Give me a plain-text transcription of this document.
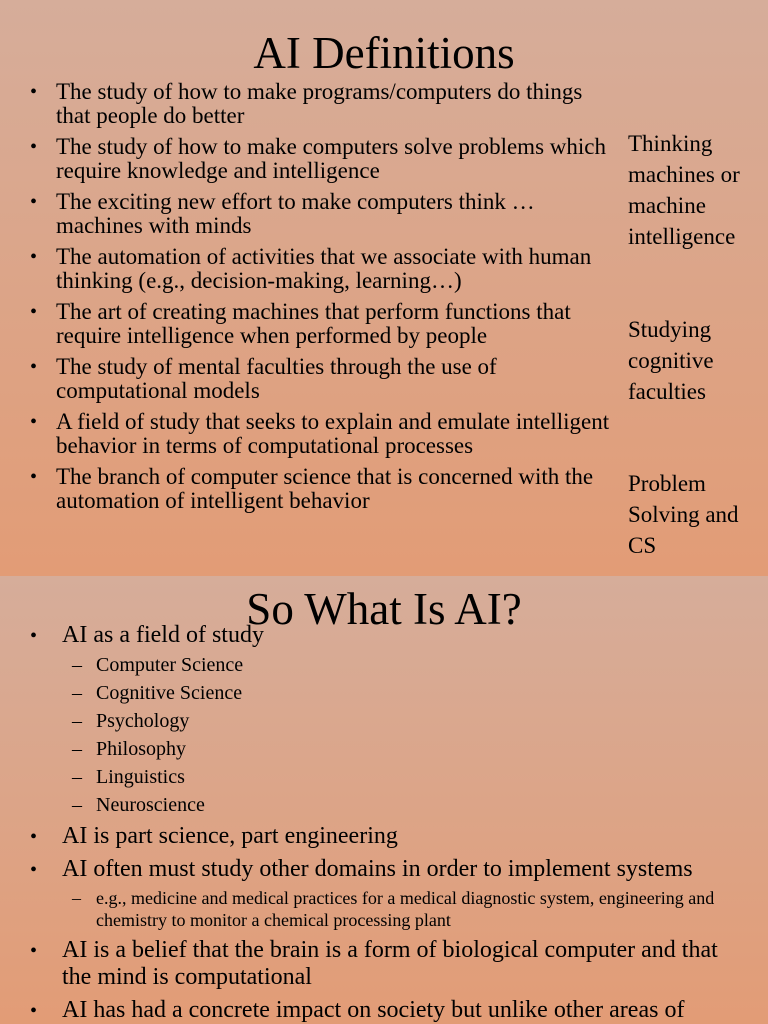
AI Definitions
• The study of how to make programs/computers do things that people do better
• The study of how to make computers solve problems which require knowledge and intelligence
• The exciting new effort to make computers think … machines with minds
• The automation of activities that we associate with human thinking (e.g., decision-making, learning…)
• The art of creating machines that perform functions that require intelligence when performed by people
• The study of mental faculties through the use of computational models
• A field of study that seeks to explain and emulate intelligent behavior in terms of computational processes
• The branch of computer science that is concerned with the automation of intelligent behavior
Thinking machines or machine intelligence
Studying cognitive faculties
Problem Solving and CS
So What Is AI?
• AI as a field of study
– Computer Science
– Cognitive Science
– Psychology
– Philosophy
– Linguistics
– Neuroscience
• AI is part science, part engineering
• AI often must study other domains in order to implement systems
– e.g., medicine and medical practices for a medical diagnostic system, engineering and chemistry to monitor a chemical processing plant
• AI is a belief that the brain is a form of biological computer and that the mind is computational
• AI has had a concrete impact on society but unlike other areas of
